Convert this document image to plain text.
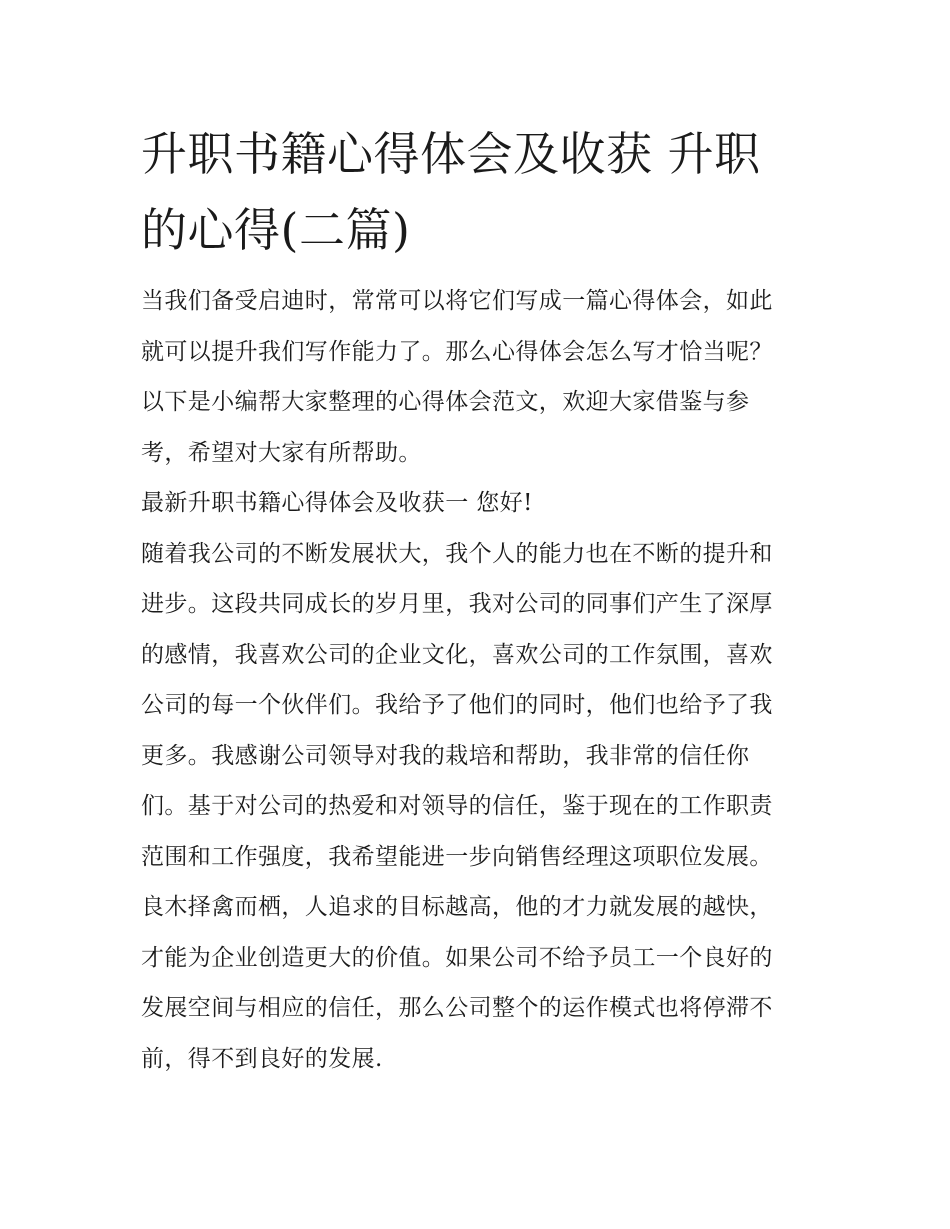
升职书籍心得体会及收获 升职
的心得(二篇)
当我们备受启迪时，常常可以将它们写成一篇心得体会，如此
就可以提升我们写作能力了。那么心得体会怎么写才恰当呢？
以下是小编帮大家整理的心得体会范文，欢迎大家借鉴与参
考，希望对大家有所帮助。
最新升职书籍心得体会及收获一 您好!
随着我公司的不断发展状大，我个人的能力也在不断的提升和
进步。这段共同成长的岁月里，我对公司的同事们产生了深厚
的感情，我喜欢公司的企业文化，喜欢公司的工作氛围，喜欢
公司的每一个伙伴们。我给予了他们的同时，他们也给予了我
更多。我感谢公司领导对我的栽培和帮助，我非常的信任你
们。基于对公司的热爱和对领导的信任，鉴于现在的工作职责
范围和工作强度，我希望能进一步向销售经理这项职位发展。
良木择禽而栖，人追求的目标越高，他的才力就发展的越快，
才能为企业创造更大的价值。如果公司不给予员工一个良好的
发展空间与相应的信任，那么公司整个的运作模式也将停滞不
前，得不到良好的发展.
